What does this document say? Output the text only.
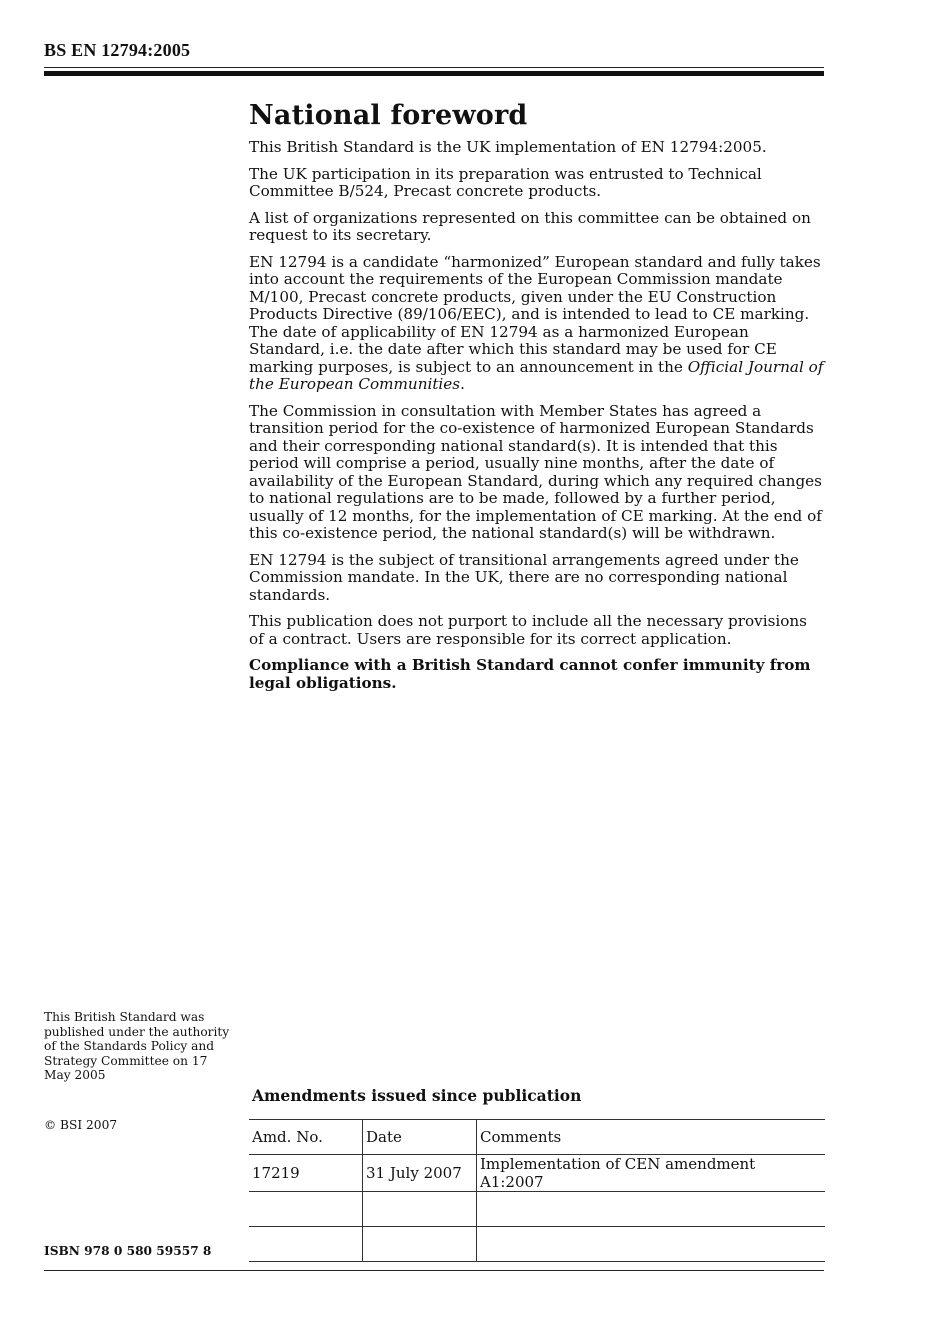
BS EN 12794:2005
National foreword

This British Standard is the UK implementation of EN 12794:2005.

The UK participation in its preparation was entrusted to Technical Committee B/524, Precast concrete products.

A list of organizations represented on this committee can be obtained on request to its secretary.

EN 12794 is a candidate “harmonized” European standard and fully takes into account the requirements of the European Commission mandate M/100, Precast concrete products, given under the EU Construction Products Directive (89/106/EEC), and is intended to lead to CE marking. The date of applicability of EN 12794 as a harmonized European Standard, i.e. the date after which this standard may be used for CE marking purposes, is subject to an announcement in the Official Journal of the European Communities.

The Commission in consultation with Member States has agreed a transition period for the co-existence of harmonized European Standards and their corresponding national standard(s). It is intended that this period will comprise a period, usually nine months, after the date of availability of the European Standard, during which any required changes to national regulations are to be made, followed by a further period, usually of 12 months, for the implementation of CE marking. At the end of this co-existence period, the national standard(s) will be withdrawn.

EN 12794 is the subject of transitional arrangements agreed under the Commission mandate. In the UK, there are no corresponding national standards.

This publication does not purport to include all the necessary provisions of a contract. Users are responsible for its correct application.

Compliance with a British Standard cannot confer immunity from legal obligations.

This British Standard was published under the authority of the Standards Policy and Strategy Committee on 17 May 2005
© BSI 2007
ISBN 978 0 580 59557 8
Amendments issued since publication
Amd. No.	Date	Comments
17219	31 July 2007	Implementation of CEN amendment A1:2007
